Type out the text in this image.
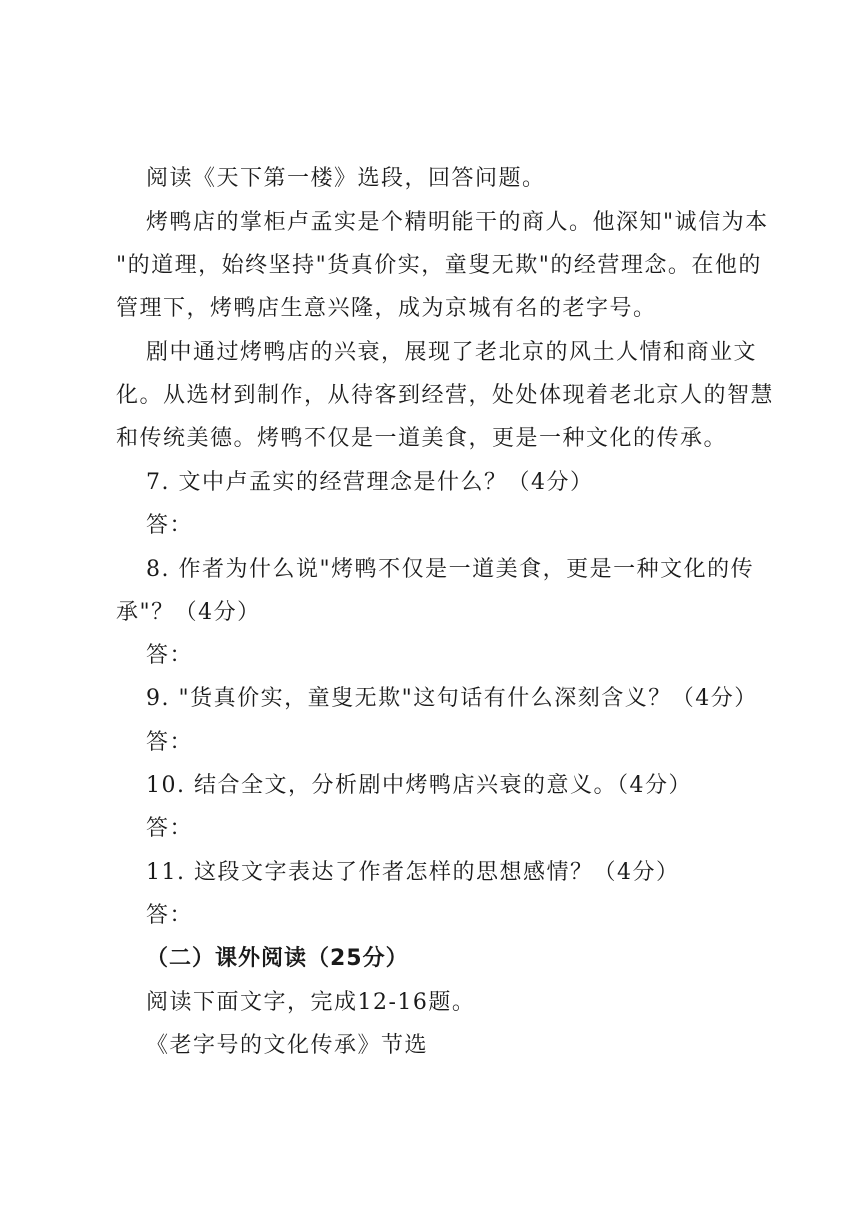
阅读《天下第一楼》选段，回答问题。
烤鸭店的掌柜卢孟实是个精明能干的商人。他深知"诚信为本
"的道理，始终坚持"货真价实，童叟无欺"的经营理念。在他的
管理下，烤鸭店生意兴隆，成为京城有名的老字号。
剧中通过烤鸭店的兴衰，展现了老北京的风土人情和商业文
化。从选材到制作，从待客到经营，处处体现着老北京人的智慧
和传统美德。烤鸭不仅是一道美食，更是一种文化的传承。
7. 文中卢孟实的经营理念是什么？（4分）
答：
8. 作者为什么说"烤鸭不仅是一道美食，更是一种文化的传
承"？（4分）
答：
9. "货真价实，童叟无欺"这句话有什么深刻含义？（4分）
答：
10. 结合全文，分析剧中烤鸭店兴衰的意义。（4分）
答：
11. 这段文字表达了作者怎样的思想感情？（4分）
答：
（二）课外阅读（25分）
阅读下面文字，完成12-16题。
《老字号的文化传承》节选
